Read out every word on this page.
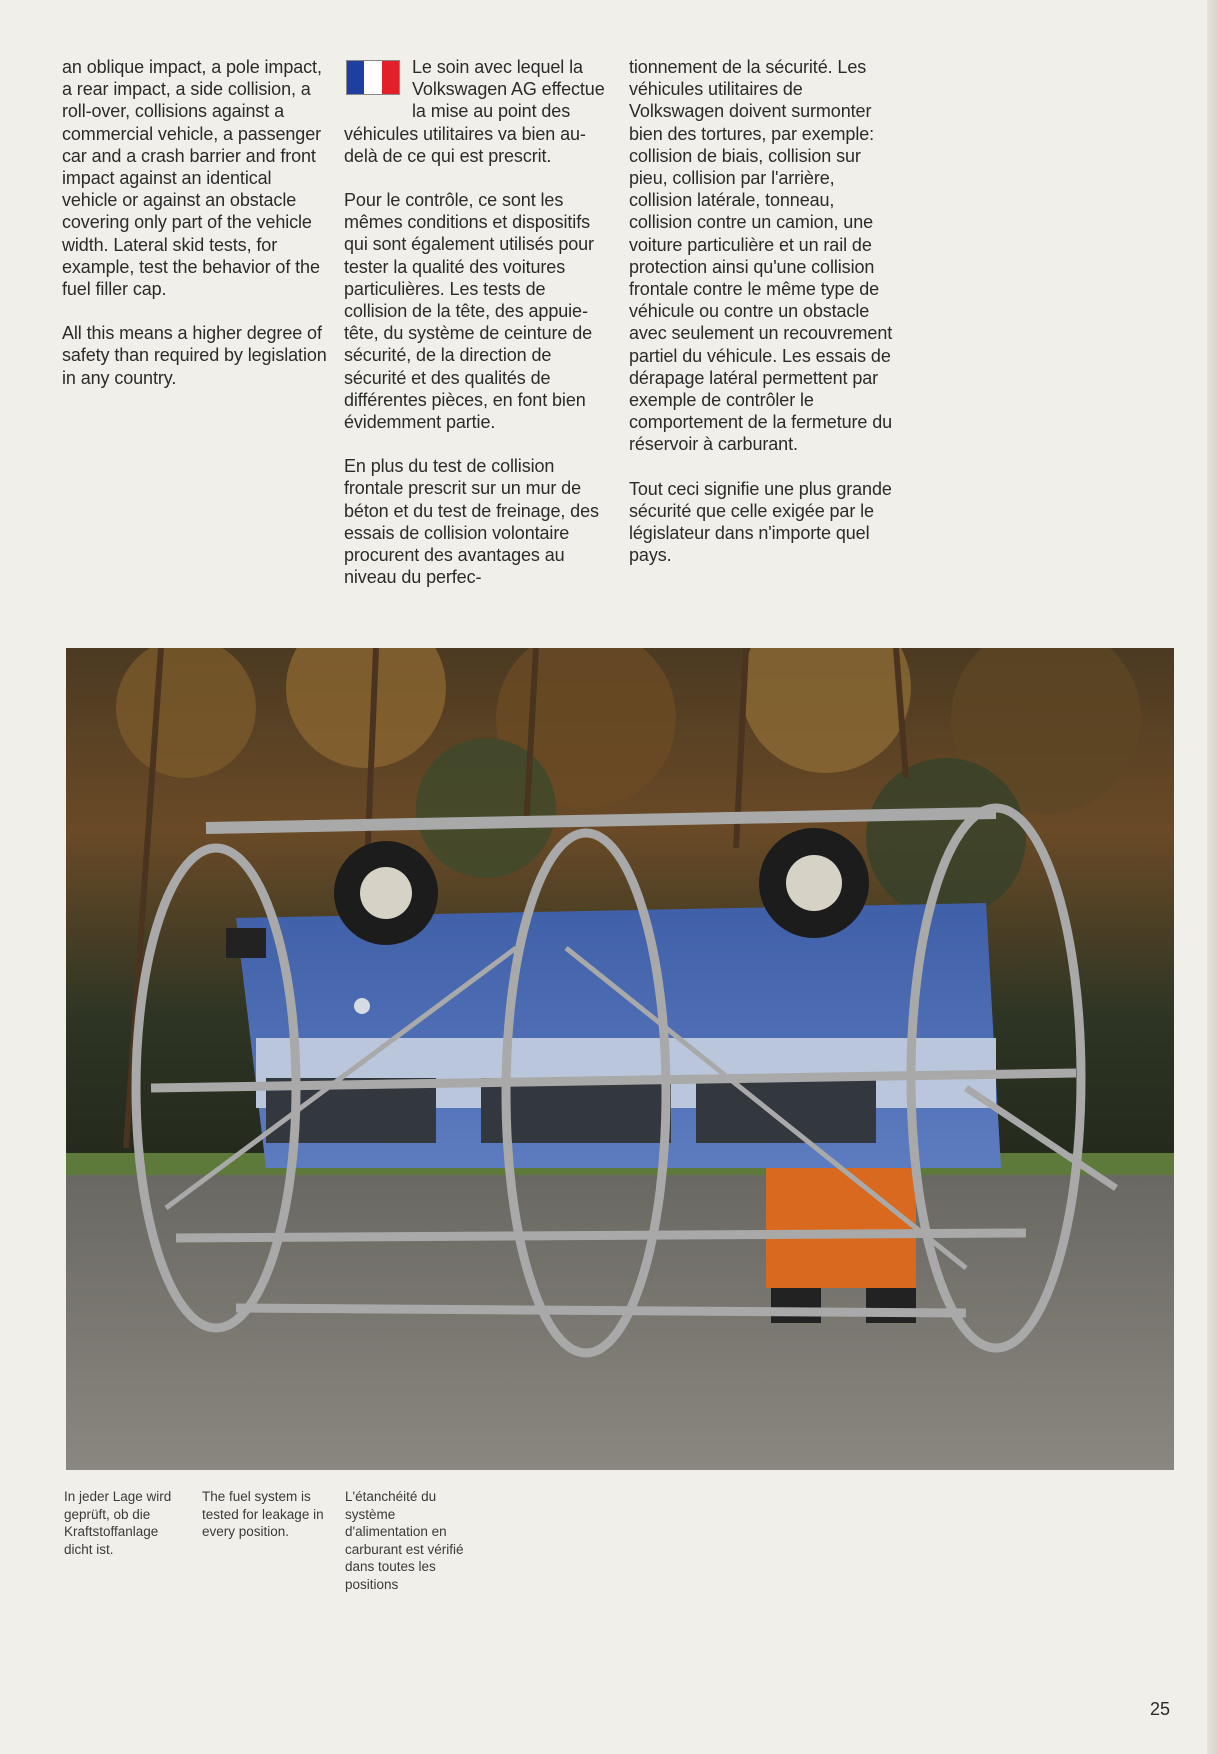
an oblique impact, a pole impact, a rear impact, a side collision, a roll-over, collisions against a commercial vehicle, a passenger car and a crash barrier and front impact against an identical vehicle or against an obstacle covering only part of the vehicle width. Lateral skid tests, for example, test the behavior of the fuel filler cap.

All this means a higher degree of safety than required by legislation in any country.

Le soin avec lequel la Volkswagen AG effectue la mise au point des véhicules utilitaires va bien au-delà de ce qui est prescrit.

Pour le contrôle, ce sont les mêmes conditions et dispositifs qui sont également utilisés pour tester la qualité des voitures particulières. Les tests de collision de la tête, des appuie-tête, du système de ceinture de sécurité, de la direction de sécurité et des qualités de différentes pièces, en font bien évidemment partie.

En plus du test de collision frontale prescrit sur un mur de béton et du test de freinage, des essais de collision volontaire procurent des avantages au niveau du perfec-

tionnement de la sécurité. Les véhicules utilitaires de Volkswagen doivent surmonter bien des tortures, par exemple: collision de biais, collision sur pieu, collision par l'arrière, collision latérale, tonneau, collision contre un camion, une voiture particulière et un rail de protection ainsi qu'une collision frontale contre le même type de véhicule ou contre un obstacle avec seulement un recouvrement partiel du véhicule. Les essais de dérapage latéral permettent par exemple de contrôler le comportement de la fermeture du réservoir à carburant.

Tout ceci signifie une plus grande sécurité que celle exigée par le législateur dans n'importe quel pays.

In jeder Lage wird geprüft, ob die Kraftstoffanlage dicht ist.
The fuel system is tested for leakage in every position.
L'étanchéité du système d'alimentation en carburant est vérifié dans toutes les positions
25
